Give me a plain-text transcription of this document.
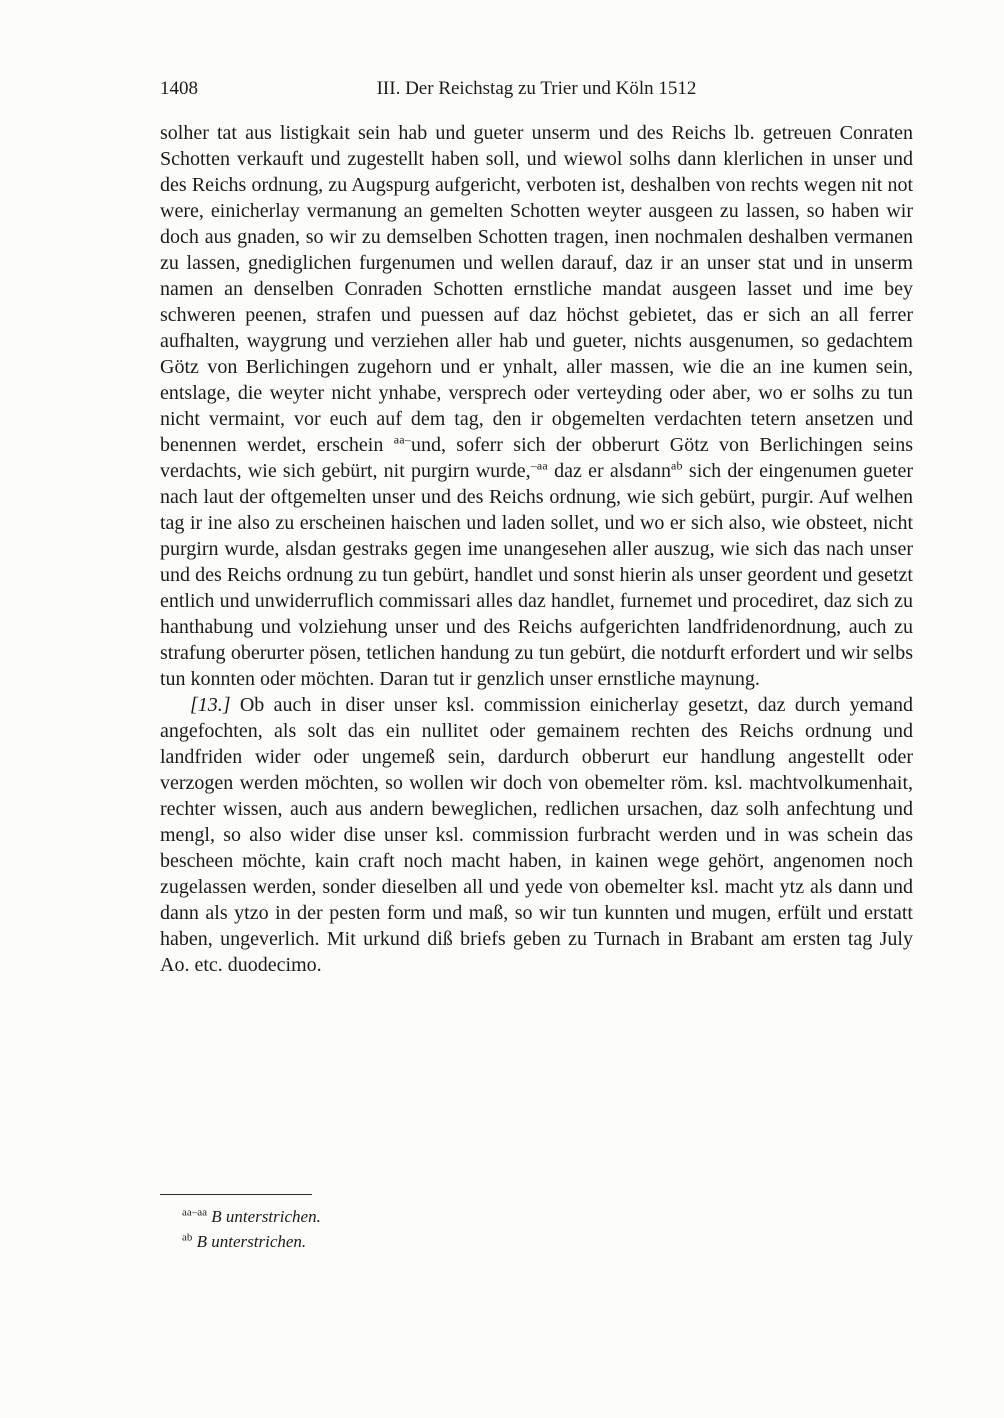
1408	III. Der Reichstag zu Trier und Köln 1512

solher tat aus listigkait sein hab und gueter unserm und des Reichs lb. getreuen Conraten Schotten verkauft und zugestellt haben soll, und wiewol solhs dann klerlichen in unser und des Reichs ordnung, zu Augspurg aufgericht, verboten ist, deshalben von rechts wegen nit not were, einicherlay vermanung an gemelten Schotten weyter ausgeen zu lassen, so haben wir doch aus gnaden, so wir zu demselben Schotten tragen, inen nochmalen deshalben vermanen zu lassen, gnediglichen furgenumen und wellen darauf, daz ir an unser stat und in unserm namen an denselben Conraden Schotten ernstliche mandat ausgeen lasset und ime bey schweren peenen, strafen und puessen auf daz höchst gebietet, das er sich an all ferrer aufhalten, waygrung und verziehen aller hab und gueter, nichts ausgenumen, so gedachtem Götz von Berlichingen zugehorn und er ynhalt, aller massen, wie die an ine kumen sein, entslage, die weyter nicht ynhabe, versprech oder verteyding oder aber, wo er solhs zu tun nicht vermaint, vor euch auf dem tag, den ir obgemelten verdachten tetern ansetzen und benennen werdet, erschein $^{aa-}$und, soferr sich der obberurt Götz von Berlichingen seins verdachts, wie sich gebürt, nit purgirn wurde,$^{-aa}$ daz er alsdann$^{ab}$ sich der eingenumen gueter nach laut der oftgemelten unser und des Reichs ordnung, wie sich gebürt, purgir. Auf welhen tag ir ine also zu erscheinen haischen und laden sollet, und wo er sich also, wie obsteet, nicht purgirn wurde, alsdan gestraks gegen ime unangesehen aller auszug, wie sich das nach unser und des Reichs ordnung zu tun gebürt, handlet und sonst hierin als unser geordent und gesetzt entlich und unwiderruflich commissari alles daz handlet, furnemet und procediret, daz sich zu hanthabung und volziehung unser und des Reichs aufgerichten landfridenordnung, auch zu strafung oberurter pösen, tetlichen handung zu tun gebürt, die notdurft erfordert und wir selbs tun konnten oder möchten. Daran tut ir genzlich unser ernstliche maynung.

[13.] Ob auch in diser unser ksl. commission einicherlay gesetzt, daz durch yemand angefochten, als solt das ein nullitet oder gemainem rechten des Reichs ordnung und landfriden wider oder ungemeß sein, dardurch obberurt eur handlung angestellt oder verzogen werden möchten, so wollen wir doch von obemelter röm. ksl. machtvolkumenhait, rechter wissen, auch aus andern beweglichen, redlichen ursachen, daz solh anfechtung und mengl, so also wider dise unser ksl. commission furbracht werden und in was schein das bescheen möchte, kain craft noch macht haben, in kainen wege gehört, angenomen noch zugelassen werden, sonder dieselben all und yede von obemelter ksl. macht ytz als dann und dann als ytzo in der pesten form und maß, so wir tun kunnten und mugen, erfült und erstatt haben, ungeverlich. Mit urkund diß briefs geben zu Turnach in Brabant am ersten tag July Ao. etc. duodecimo.

$^{aa-aa}$ B unterstrichen.
$^{ab}$ B unterstrichen.
